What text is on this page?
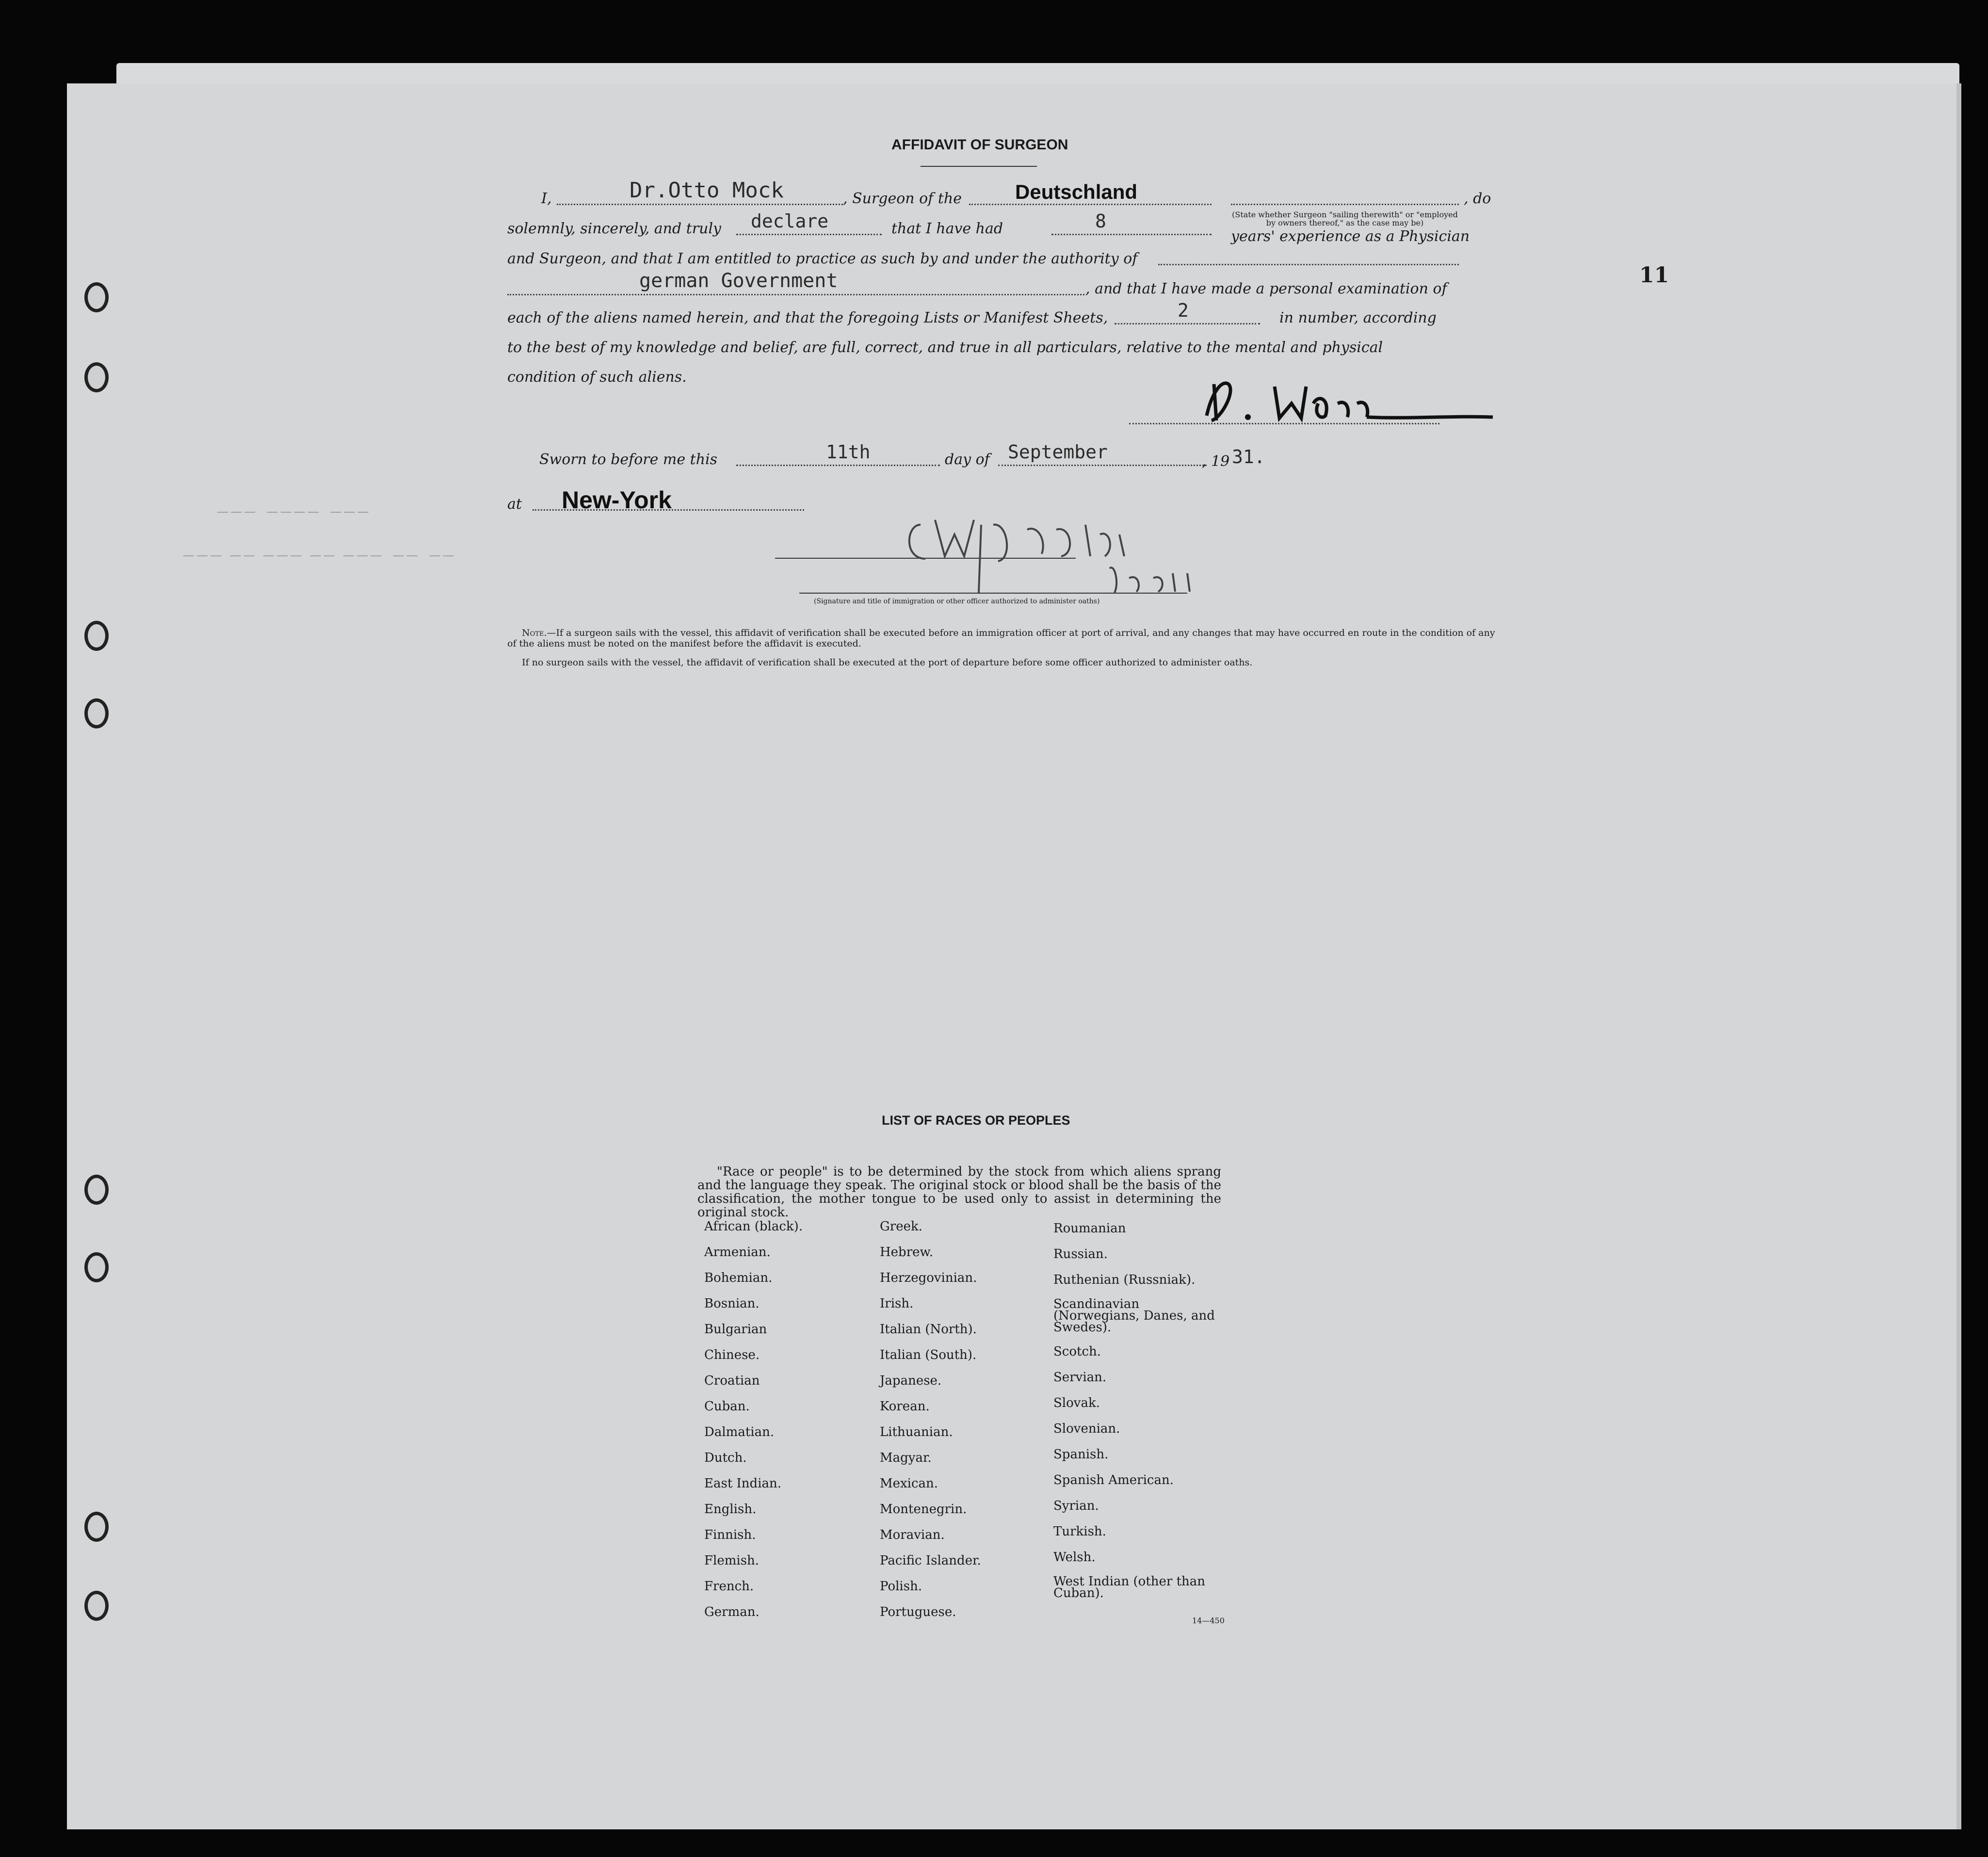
AFFIDAVIT OF SURGEON
11
I,	Dr.Otto Mock	, Surgeon of the	Deutschland	, do
(State whether Surgeon "sailing therewith" or "employed by owners thereof," as the case may be)
solemnly, sincerely, and truly declare	that I have had	8
years' experience as a Physician
and Surgeon, and that I am entitled to practice as such by and under the authority of
german Government	, and that I have made a personal examination of
each of the aliens named herein, and that the foregoing Lists or Manifest Sheets,	2	in number, according
to the best of my knowledge and belief, are full, correct, and true in all particulars, relative to the mental and physical
condition of such aliens.
Sworn to before me this	11th	day of September	, 19 31.
at New-York
— — —    — — — —    — — —
— — —   — —   — — —   — —   — — —    — —    — —
(Signature and title of immigration or other officer authorized to administer oaths)
Note.—If a surgeon sails with the vessel, this affidavit of verification shall be executed before an immigration officer at port of arrival, and any changes that may have occurred en route in the condition of any of the aliens must be noted on the manifest before the affidavit is executed.
If no surgeon sails with the vessel, the affidavit of verification shall be executed at the port of departure before some officer authorized to administer oaths.
LIST OF RACES OR PEOPLES
"Race or people" is to be determined by the stock from which aliens sprang and the language they speak. The original stock or blood shall be the basis of the classification, the mother tongue to be used only to assist in determining the original stock.
African (black).
Armenian.
Bohemian.
Bosnian.
Bulgarian
Chinese.
Croatian
Cuban.
Dalmatian.
Dutch.
East Indian.
English.
Finnish.
Flemish.
French.
German.
Greek.
Hebrew.
Herzegovinian.
Irish.
Italian (North).
Italian (South).
Japanese.
Korean.
Lithuanian.
Magyar.
Mexican.
Montenegrin.
Moravian.
Pacific Islander.
Polish.
Portuguese.
Roumanian
Russian.
Ruthenian (Russniak).
Scandinavian (Norwegians, Danes, and Swedes).
Scotch.
Servian.
Slovak.
Slovenian.
Spanish.
Spanish American.
Syrian.
Turkish.
Welsh.
West Indian (other than Cuban).
14—450
